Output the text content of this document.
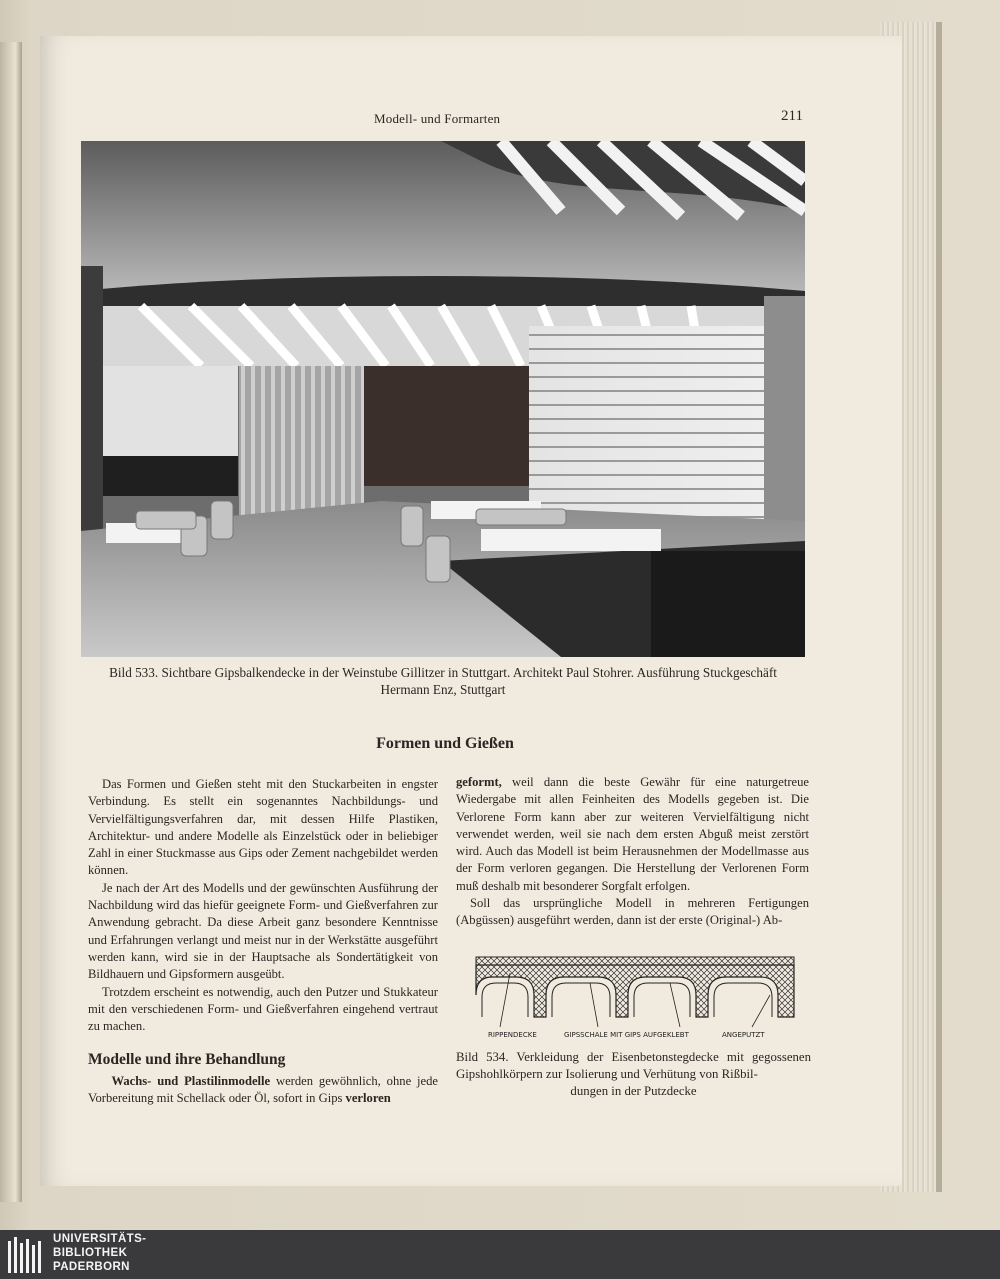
Modell- und Formarten	211
Bild 533. Sichtbare Gipsbalkendecke in der Weinstube Gillitzer in Stuttgart. Architekt Paul Stohrer. Ausführung Stuckgeschäft
Hermann Enz, Stuttgart
Formen und Gießen

Das Formen und Gießen steht mit den Stuckarbeiten in engster Verbindung. Es stellt ein sogenanntes Nachbildungs- und Vervielfältigungsverfahren dar, mit dessen Hilfe Plastiken, Architektur- und andere Modelle als Einzelstück oder in beliebiger Zahl in einer Stuckmasse aus Gips oder Zement nachgebildet werden können.

Je nach der Art des Modells und der gewünschten Ausführung der Nachbildung wird das hiefür geeignete Form- und Gießverfahren zur Anwendung gebracht. Da diese Arbeit ganz besondere Kenntnisse und Erfahrungen verlangt und meist nur in der Werkstätte ausgeführt werden kann, wird sie in der Hauptsache als Sondertätigkeit von Bildhauern und Gipsformern ausgeübt.

Trotzdem erscheint es notwendig, auch den Putzer und Stukkateur mit den verschiedenen Form- und Gießverfahren eingehend vertraut zu machen.

Modelle und ihre Behandlung
Wachs- und Plastilinmodelle werden gewöhnlich, ohne jede Vorbereitung mit Schellack oder Öl, sofort in Gips verloren

geformt, weil dann die beste Gewähr für eine naturgetreue Wiedergabe mit allen Feinheiten des Modells gegeben ist. Die Verlorene Form kann aber zur weiteren Vervielfältigung nicht verwendet werden, weil sie nach dem ersten Abguß meist zerstört wird. Auch das Modell ist beim Herausnehmen der Modellmasse aus der Form verloren gegangen. Die Herstellung der Verlorenen Form muß deshalb mit besonderer Sorgfalt erfolgen.

Soll das ursprüngliche Modell in mehreren Fertigungen (Abgüssen) ausgeführt werden, dann ist der erste (Original-) Ab-

RIPPENDECKE	GIPSSCHALE MIT GIPS AUFGEKLEBT	ANGEPUTZT
Bild 534. Verkleidung der Eisenbetonstegdecke mit gegossenen Gipshohlkörpern zur Isolierung und Verhütung von Rißbil-
dungen in der Putzdecke
UNIVERSITÄTS-
BIBLIOTHEK
PADERBORN
